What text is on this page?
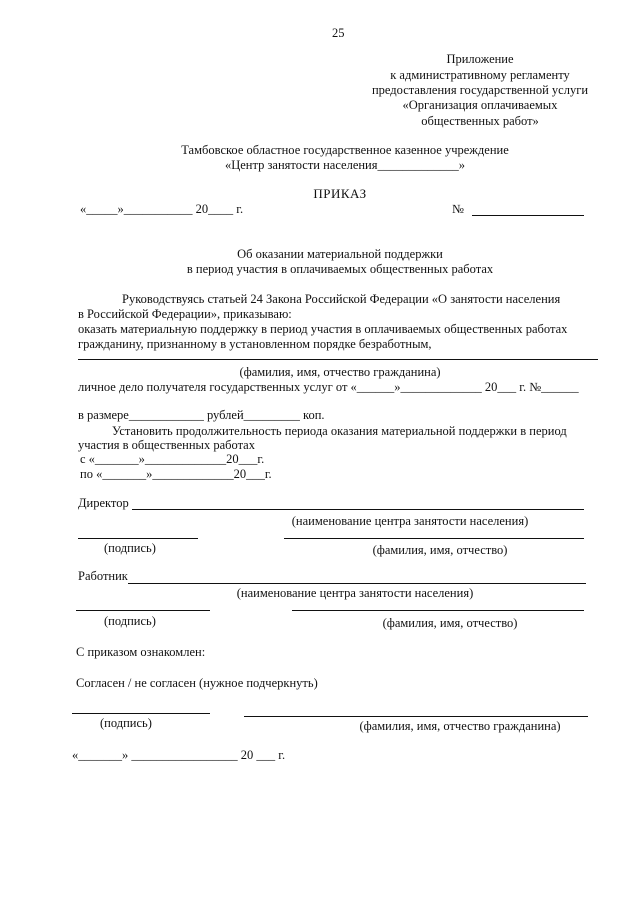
25
Приложение
к административному регламенту
предоставления государственной услуги
«Организация оплачиваемых
общественных работ»
Тамбовское областное государственное казенное учреждение
«Центр занятости населения_____________»
ПРИКАЗ
«_____»___________ 20____ г.	№
Об оказании материальной поддержки
в период участия в оплачиваемых общественных работах
Руководствуясь статьей 24 Закона Российской Федерации «О занятости населения
в Российской Федерации», приказываю:
оказать материальную поддержку в период участия в оплачиваемых общественных работах
гражданину, признанному в установленном порядке безработным,
(фамилия, имя, отчество гражданина)
личное дело получателя государственных услуг от «______»_____________ 20___ г. №______
в размере____________ рублей_________ коп.
Установить продолжительность периода оказания материальной поддержки в период
участия в общественных работах
с «_______»_____________20___г.
по «_______»_____________20___г.
Директор
(наименование центра занятости населения)
(подпись)	(фамилия, имя, отчество)
Работник
(наименование центра занятости населения)
(подпись)	(фамилия, имя, отчество)
С приказом ознакомлен:
Согласен / не согласен (нужное подчеркнуть)
(подпись)	(фамилия, имя, отчество гражданина)
«_______» _________________ 20 ___ г.
